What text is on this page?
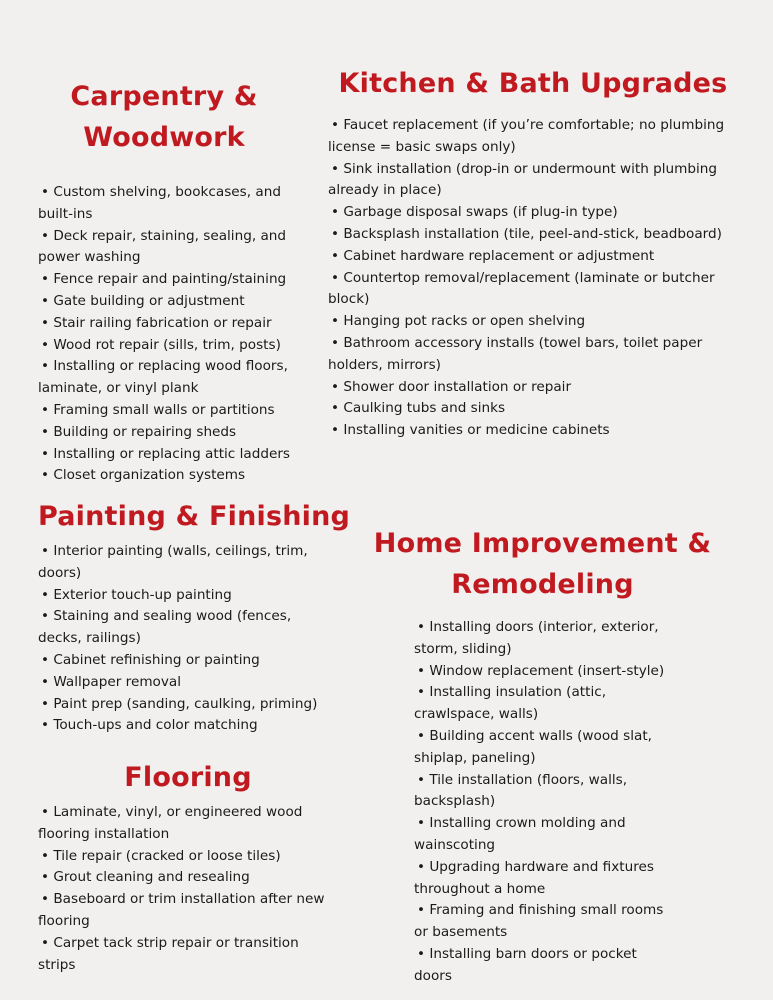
Carpentry & Woodwork
• Custom shelving, bookcases, and built-ins
• Deck repair, staining, sealing, and power washing
• Fence repair and painting/staining
• Gate building or adjustment
• Stair railing fabrication or repair
• Wood rot repair (sills, trim, posts)
• Installing or replacing wood floors, laminate, or vinyl plank
• Framing small walls or partitions
• Building or repairing sheds
• Installing or replacing attic ladders
• Closet organization systems
Kitchen & Bath Upgrades
• Faucet replacement (if you’re comfortable; no plumbing license = basic swaps only)
• Sink installation (drop-in or undermount with plumbing already in place)
• Garbage disposal swaps (if plug-in type)
• Backsplash installation (tile, peel-and-stick, beadboard)
• Cabinet hardware replacement or adjustment
• Countertop removal/replacement (laminate or butcher block)
• Hanging pot racks or open shelving
• Bathroom accessory installs (towel bars, toilet paper holders, mirrors)
• Shower door installation or repair
• Caulking tubs and sinks
• Installing vanities or medicine cabinets
Painting & Finishing
• Interior painting (walls, ceilings, trim, doors)
• Exterior touch-up painting
• Staining and sealing wood (fences, decks, railings)
• Cabinet refinishing or painting
• Wallpaper removal
• Paint prep (sanding, caulking, priming)
• Touch-ups and color matching
Flooring
• Laminate, vinyl, or engineered wood flooring installation
• Tile repair (cracked or loose tiles)
• Grout cleaning and resealing
• Baseboard or trim installation after new flooring
• Carpet tack strip repair or transition strips
Home Improvement & Remodeling
• Installing doors (interior, exterior, storm, sliding)
• Window replacement (insert-style)
• Installing insulation (attic, crawlspace, walls)
• Building accent walls (wood slat, shiplap, paneling)
• Tile installation (floors, walls, backsplash)
• Installing crown molding and wainscoting
• Upgrading hardware and fixtures throughout a home
• Framing and finishing small rooms or basements
• Installing barn doors or pocket doors
